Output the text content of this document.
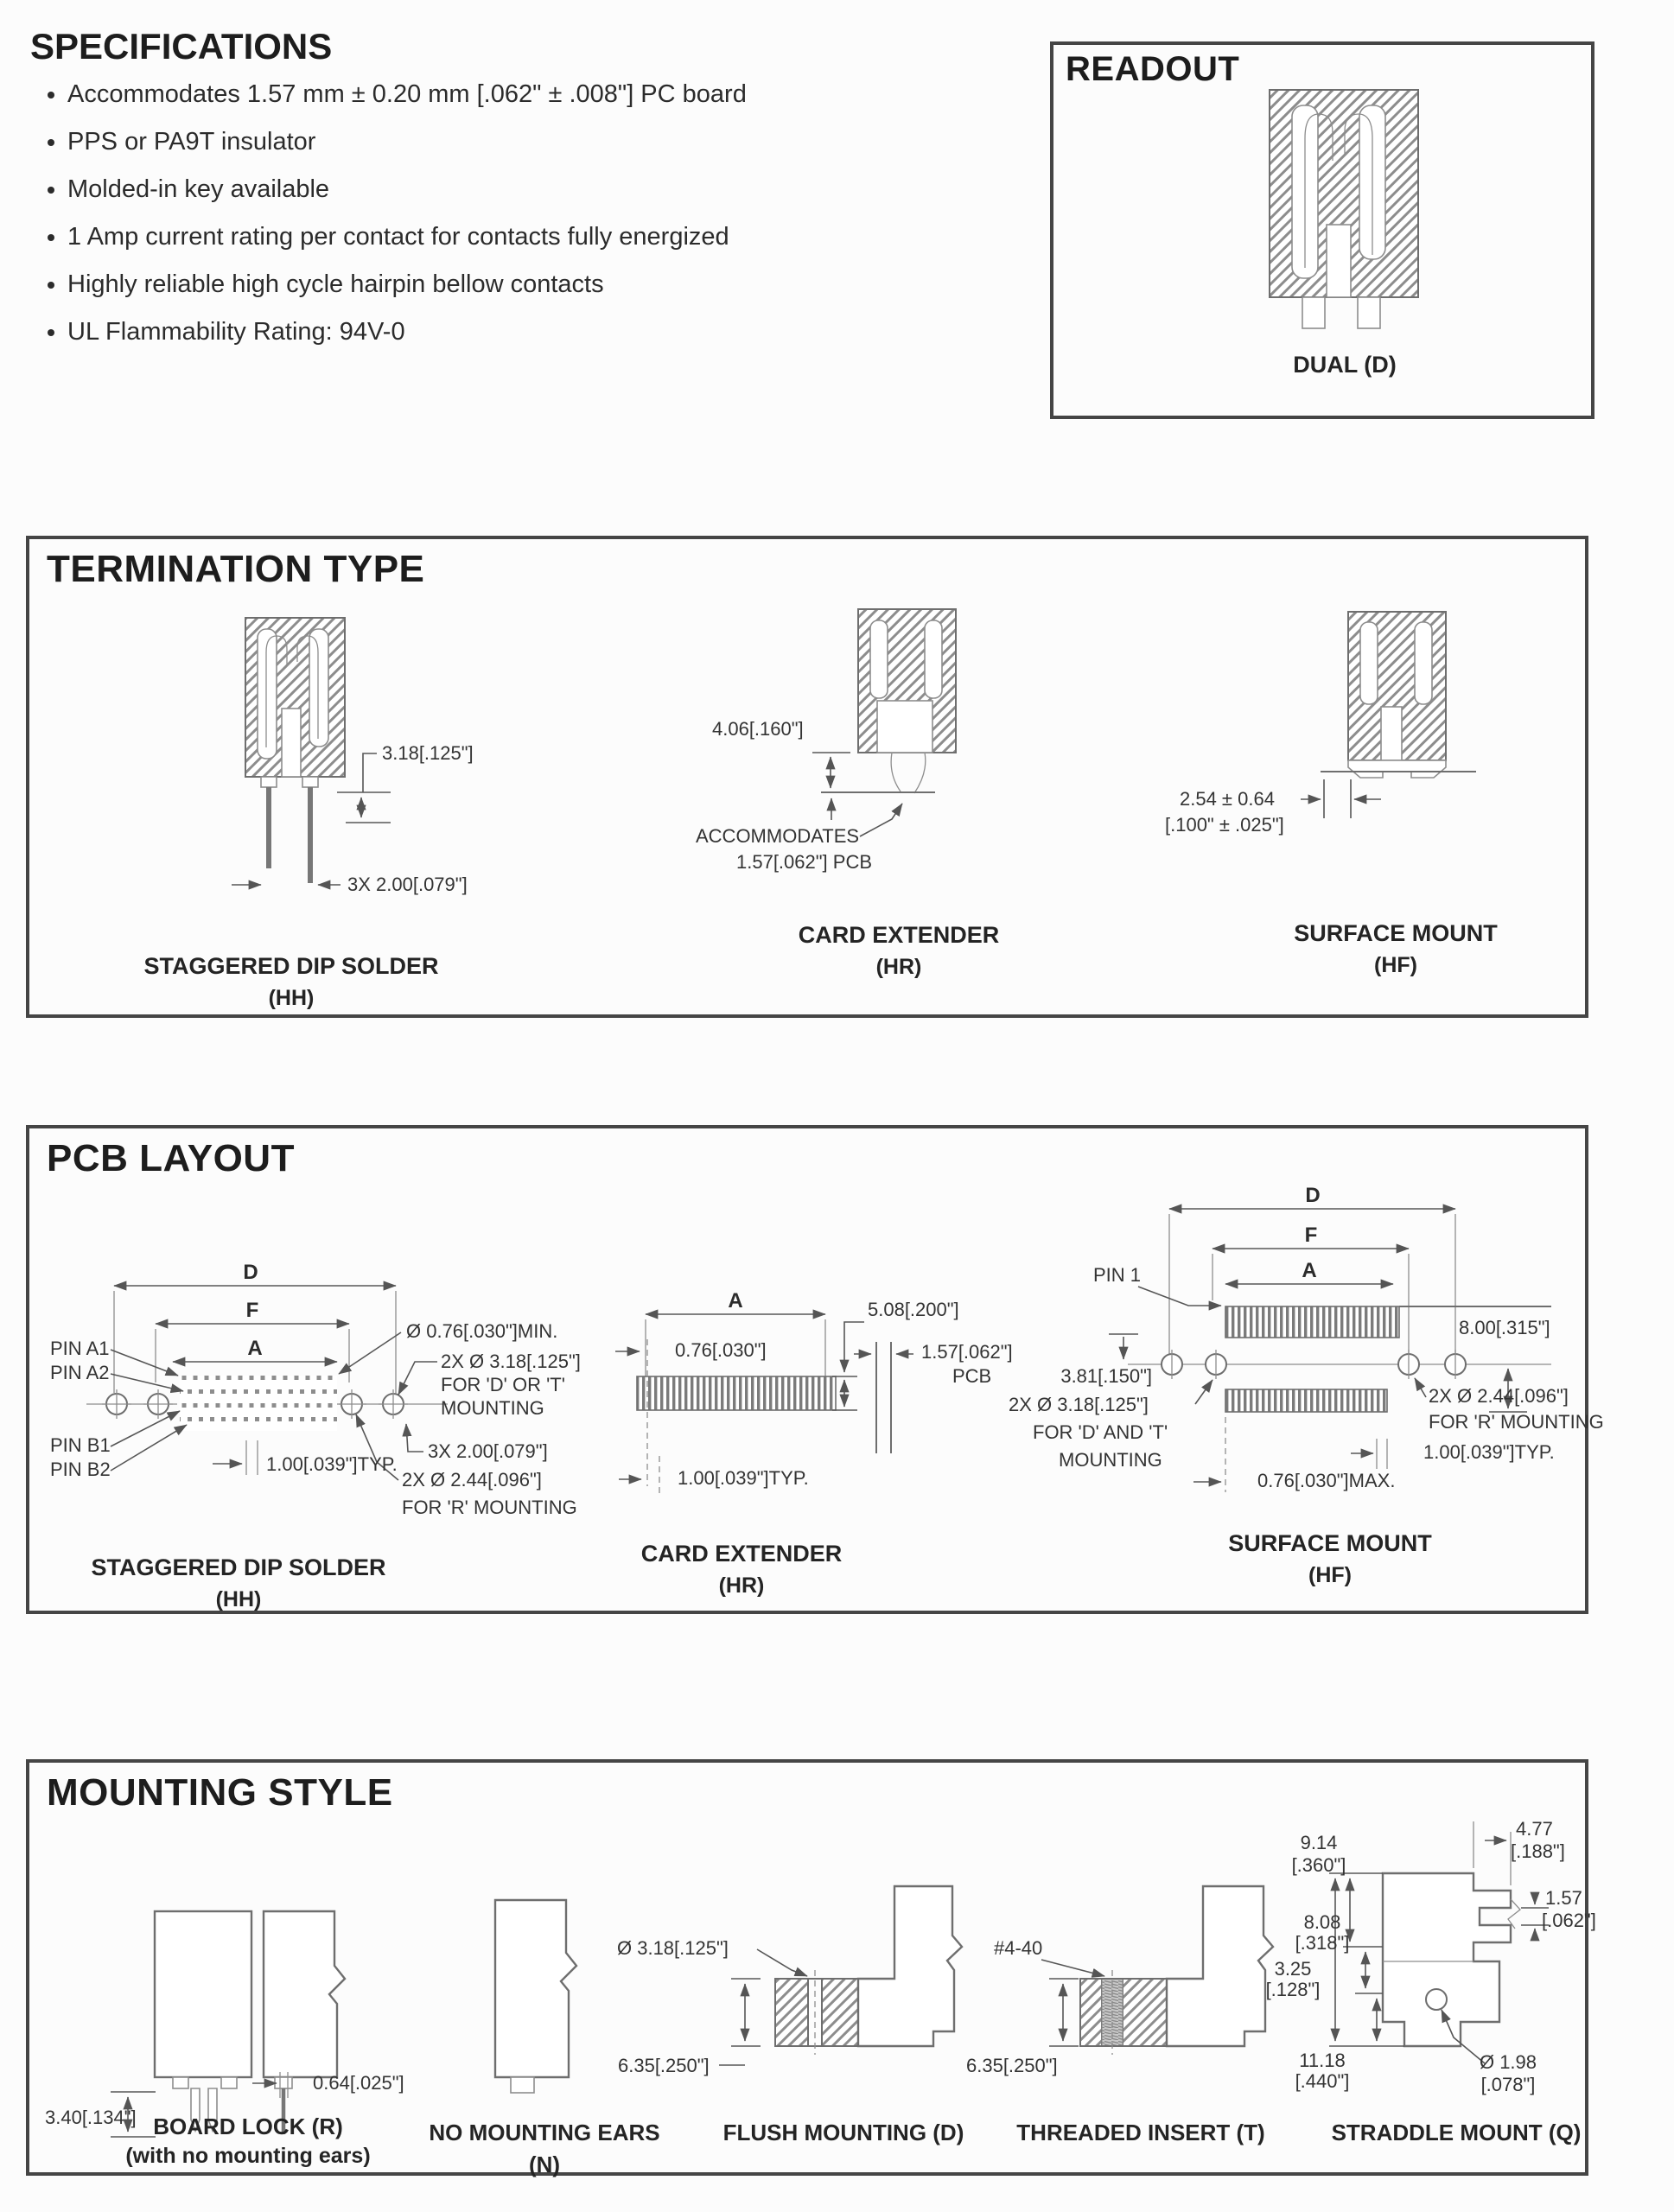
SPECIFICATIONS
• Accommodates 1.57 mm ± 0.20 mm [.062" ± .008"] PC board
• PPS or PA9T insulator
• Molded-in key available
• 1 Amp current rating per contact for contacts fully energized
• Highly reliable high cycle hairpin bellow contacts
• UL Flammability Rating: 94V-0
READOUT
DUAL (D)
TERMINATION TYPE
3.18[.125"]
3X 2.00[.079"]
STAGGERED DIP SOLDER
(HH)
4.06[.160"]
ACCOMMODATES
1.57[.062"] PCB
CARD EXTENDER
(HR)
2.54 ± 0.64
[.100" ± .025"]
SURFACE MOUNT
(HF)
PCB LAYOUT
D
F
A
PIN A1
PIN A2
PIN B1
PIN B2
Ø 0.76[.030"]MIN.
2X Ø 3.18[.125"]
FOR 'D' OR 'T'
MOUNTING
3X 2.00[.079"]
2X Ø 2.44[.096"]
FOR 'R' MOUNTING
1.00[.039"]TYP.
STAGGERED DIP SOLDER
(HH)
A
0.76[.030"]
1.00[.039"]TYP.
5.08[.200"]
1.57[.062"]
PCB
CARD EXTENDER
(HR)
D
F
A
PIN 1
8.00[.315"]
3.81[.150"]
2X Ø 3.18[.125"]
FOR 'D' AND 'T'
MOUNTING
2X Ø 2.44[.096"]
FOR 'R' MOUNTING
1.00[.039"]TYP.
0.76[.030"]MAX.
SURFACE MOUNT
(HF)
MOUNTING STYLE
3.40[.134"]
0.64[.025"]
BOARD LOCK (R)
(with no mounting ears)
NO MOUNTING EARS (N)
Ø 3.18[.125"]
6.35[.250"]
FLUSH MOUNTING (D)
#4-40
6.35[.250"]
THREADED INSERT (T)
4.77
[.188"]
1.57
[.062"]
9.14
[.360"]
8.08
[.318"]
3.25
[.128"]
11.18
[.440"]
Ø 1.98
[.078"]
STRADDLE MOUNT (Q)
